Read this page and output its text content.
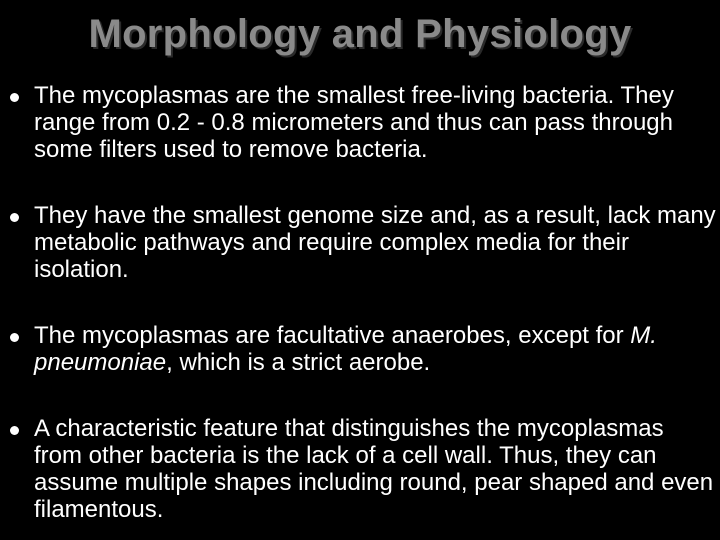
Morphology and Physiology

The mycoplasmas are the smallest free-living bacteria. They range from 0.2 - 0.8 micrometers and thus can pass through some filters used to remove bacteria.

They have the smallest genome size and, as a result, lack many metabolic pathways and require complex media for their isolation.

The mycoplasmas are facultative anaerobes, except for M. pneumoniae, which is a strict aerobe.

A characteristic feature that distinguishes the mycoplasmas from other bacteria is the lack of a cell wall. Thus, they can assume multiple shapes including round, pear shaped and even filamentous.
